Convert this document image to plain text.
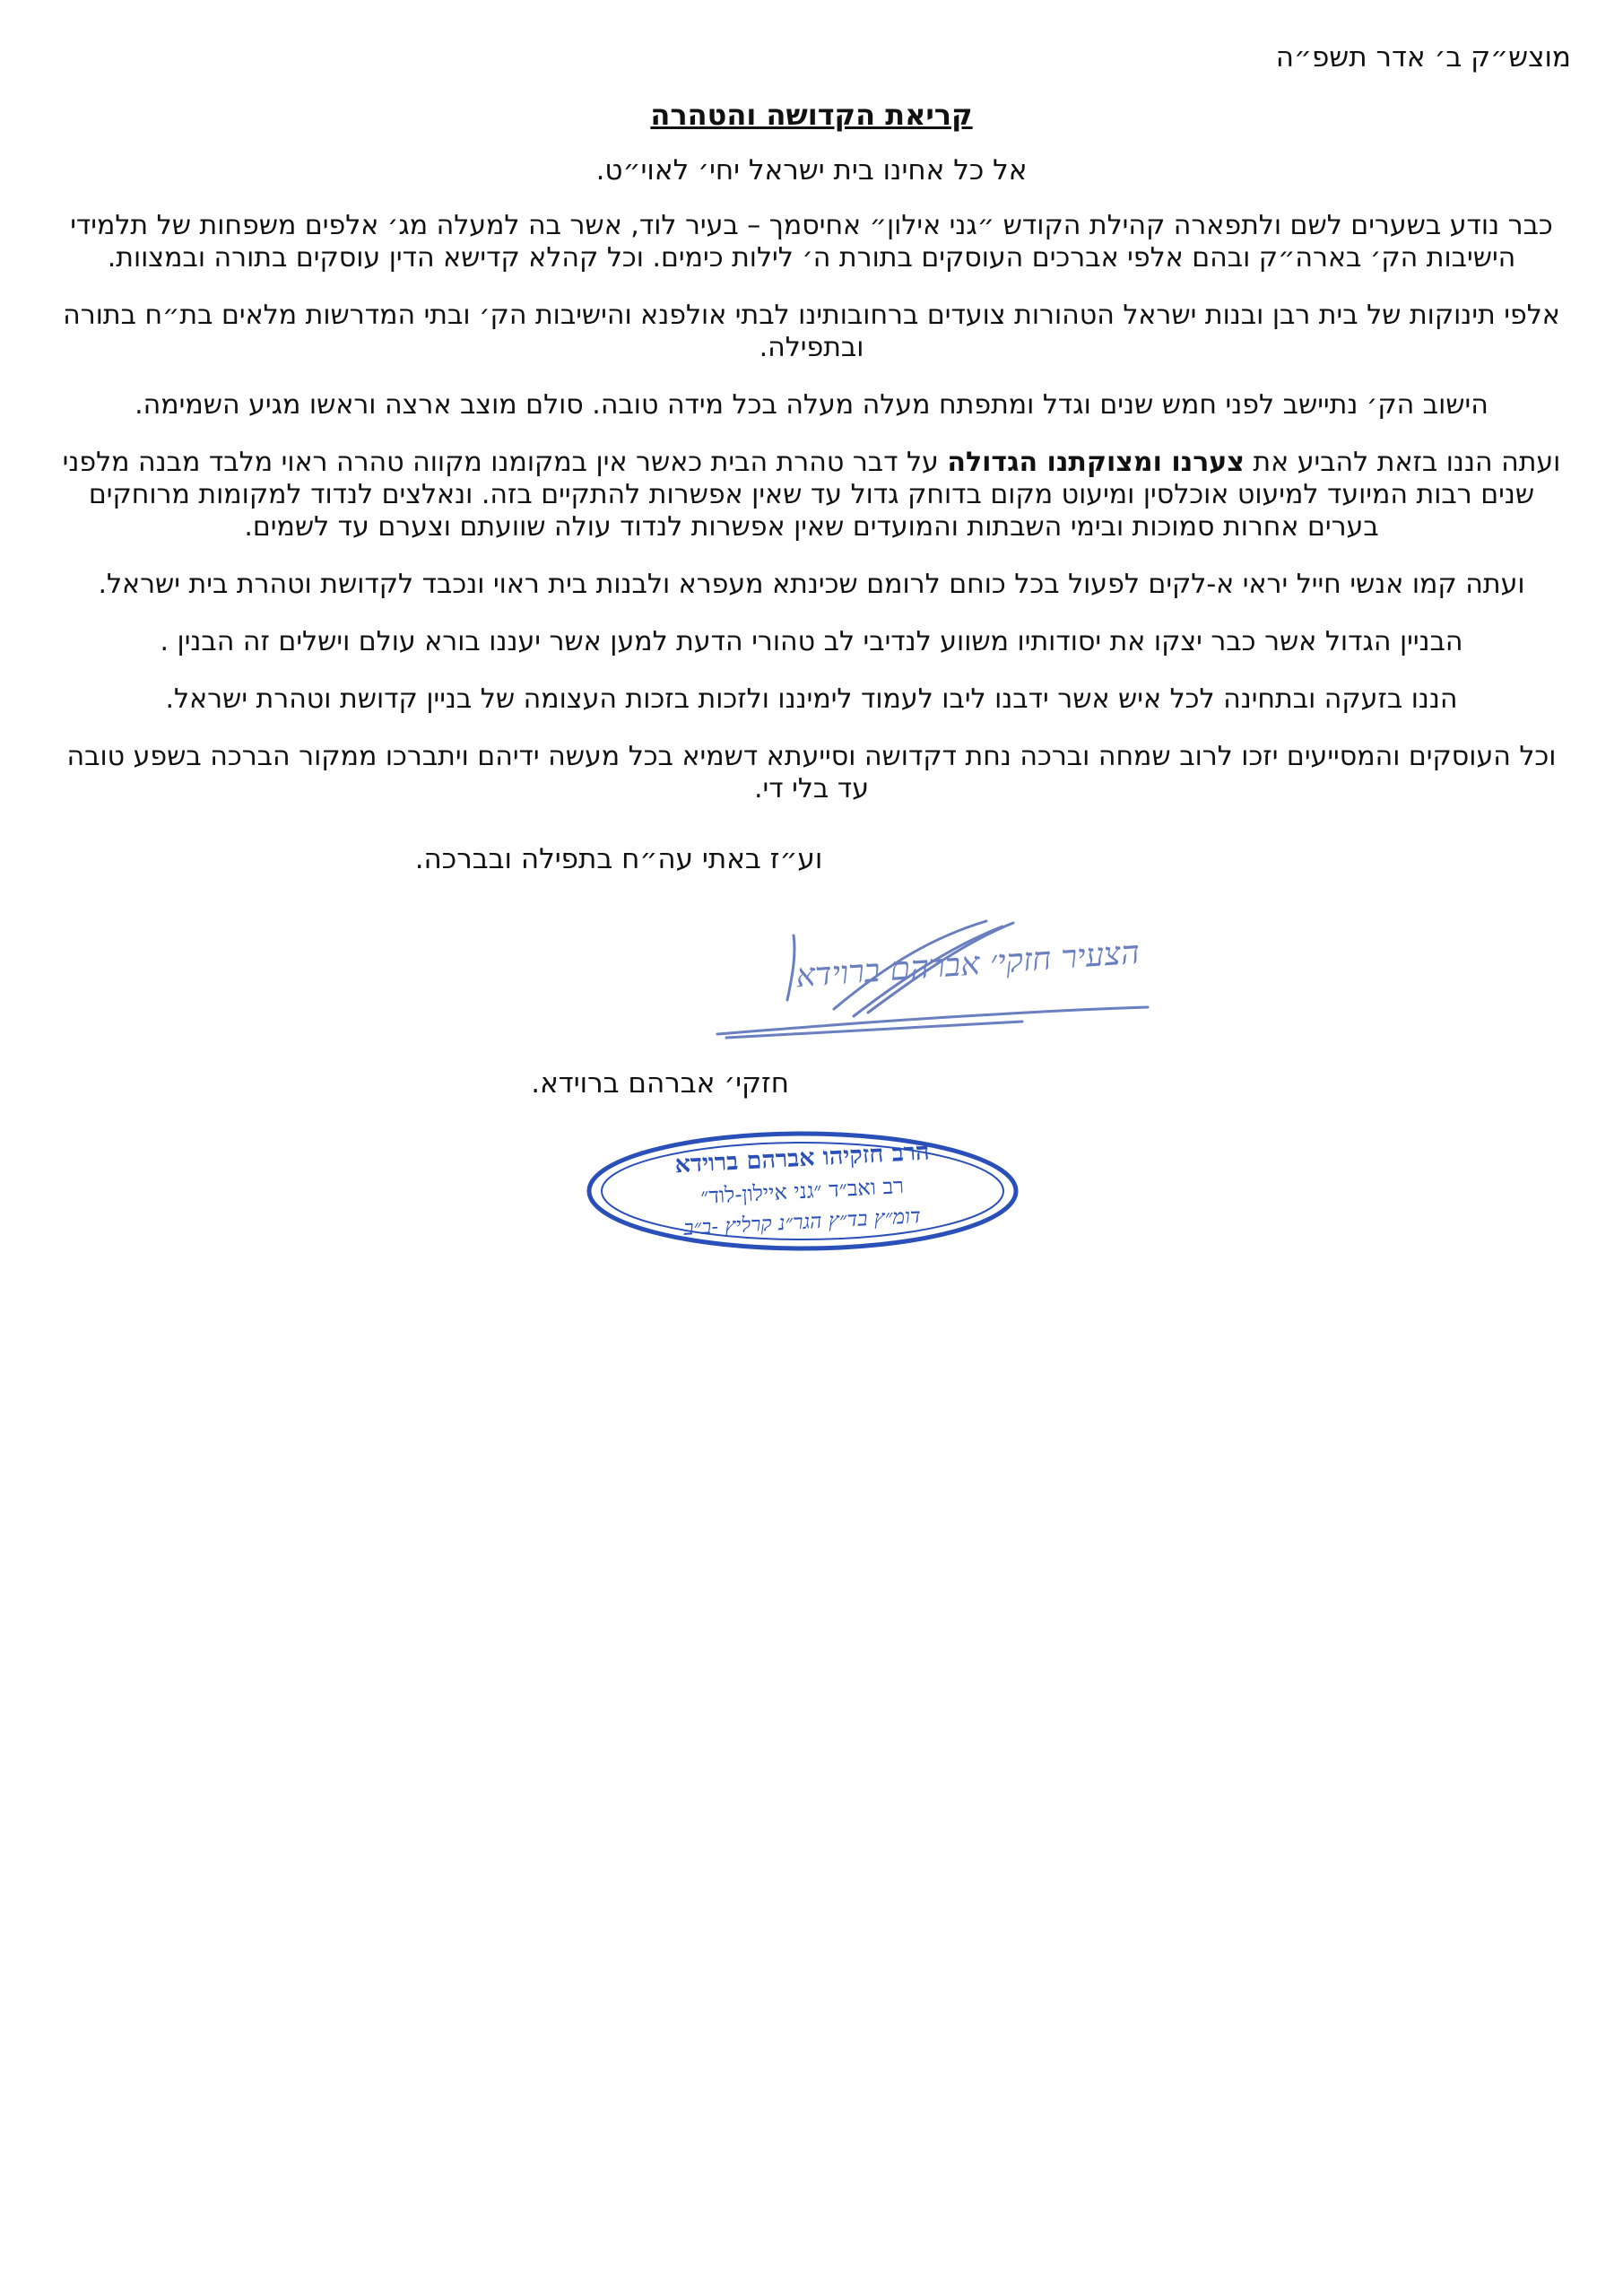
מוצש״ק ב׳ אדר תשפ״ה
קריאת הקדושה והטהרה
אל כל אחינו בית ישראל יחי׳ לאוי״ט.

כבר נודע בשערים לשם ולתפארה קהילת הקודש ״גני אילון״ אחיסמך – בעיר לוד, אשר בה למעלה מג׳ אלפים משפחות של תלמידי הישיבות הק׳ בארה״ק ובהם אלפי אברכים העוסקים בתורת ה׳ לילות כימים. וכל קהלא קדישא הדין עוסקים בתורה ובמצוות.

אלפי תינוקות של בית רבן ובנות ישראל הטהורות צועדים ברחובותינו לבתי אולפנא והישיבות הק׳ ובתי המדרשות מלאים בת״ח בתורה ובתפילה.

הישוב הק׳ נתיישב לפני חמש שנים וגדל ומתפתח מעלה מעלה בכל מידה טובה. סולם מוצב ארצה וראשו מגיע השמימה.

ועתה הננו בזאת להביע את צערנו ומצוקתנו הגדולה על דבר טהרת הבית כאשר אין במקומנו מקווה טהרה ראוי מלבד מבנה מלפני שנים רבות המיועד למיעוט אוכלסין ומיעוט מקום בדוחק גדול עד שאין אפשרות להתקיים בזה. ונאלצים לנדוד למקומות מרוחקים בערים אחרות סמוכות ובימי השבתות והמועדים שאין אפשרות לנדוד עולה שוועתם וצערם עד לשמים.

ועתה קמו אנשי חייל יראי א-לקים לפעול בכל כוחם לרומם שכינתא מעפרא ולבנות בית ראוי ונכבד לקדושת וטהרת בית ישראל.

הבניין הגדול אשר כבר יצקו את יסודותיו משווע לנדיבי לב טהורי הדעת למען אשר יעננו בורא עולם וישלים זה הבנין .

הננו בזעקה ובתחינה לכל איש אשר ידבנו ליבו לעמוד לימיננו ולזכות בזכות העצומה של בניין קדושת וטהרת ישראל.

וכל העוסקים והמסייעים יזכו לרוב שמחה וברכה נחת דקדושה וסייעתא דשמיא בכל מעשה ידיהם ויתברכו ממקור הברכה בשפע טובה עד בלי די.

וע״ז באתי עה״ח בתפילה ובברכה.
הצעיר חזקי׳ אברהם ברוידא
חזקי׳ אברהם ברוידא.
הרב חזקיהו אברהם ברוידא
רב ואב״ד ״גני איילון-לוד״
דומ״ץ בד״ץ הגר״נ קרליץ -ב״ב
